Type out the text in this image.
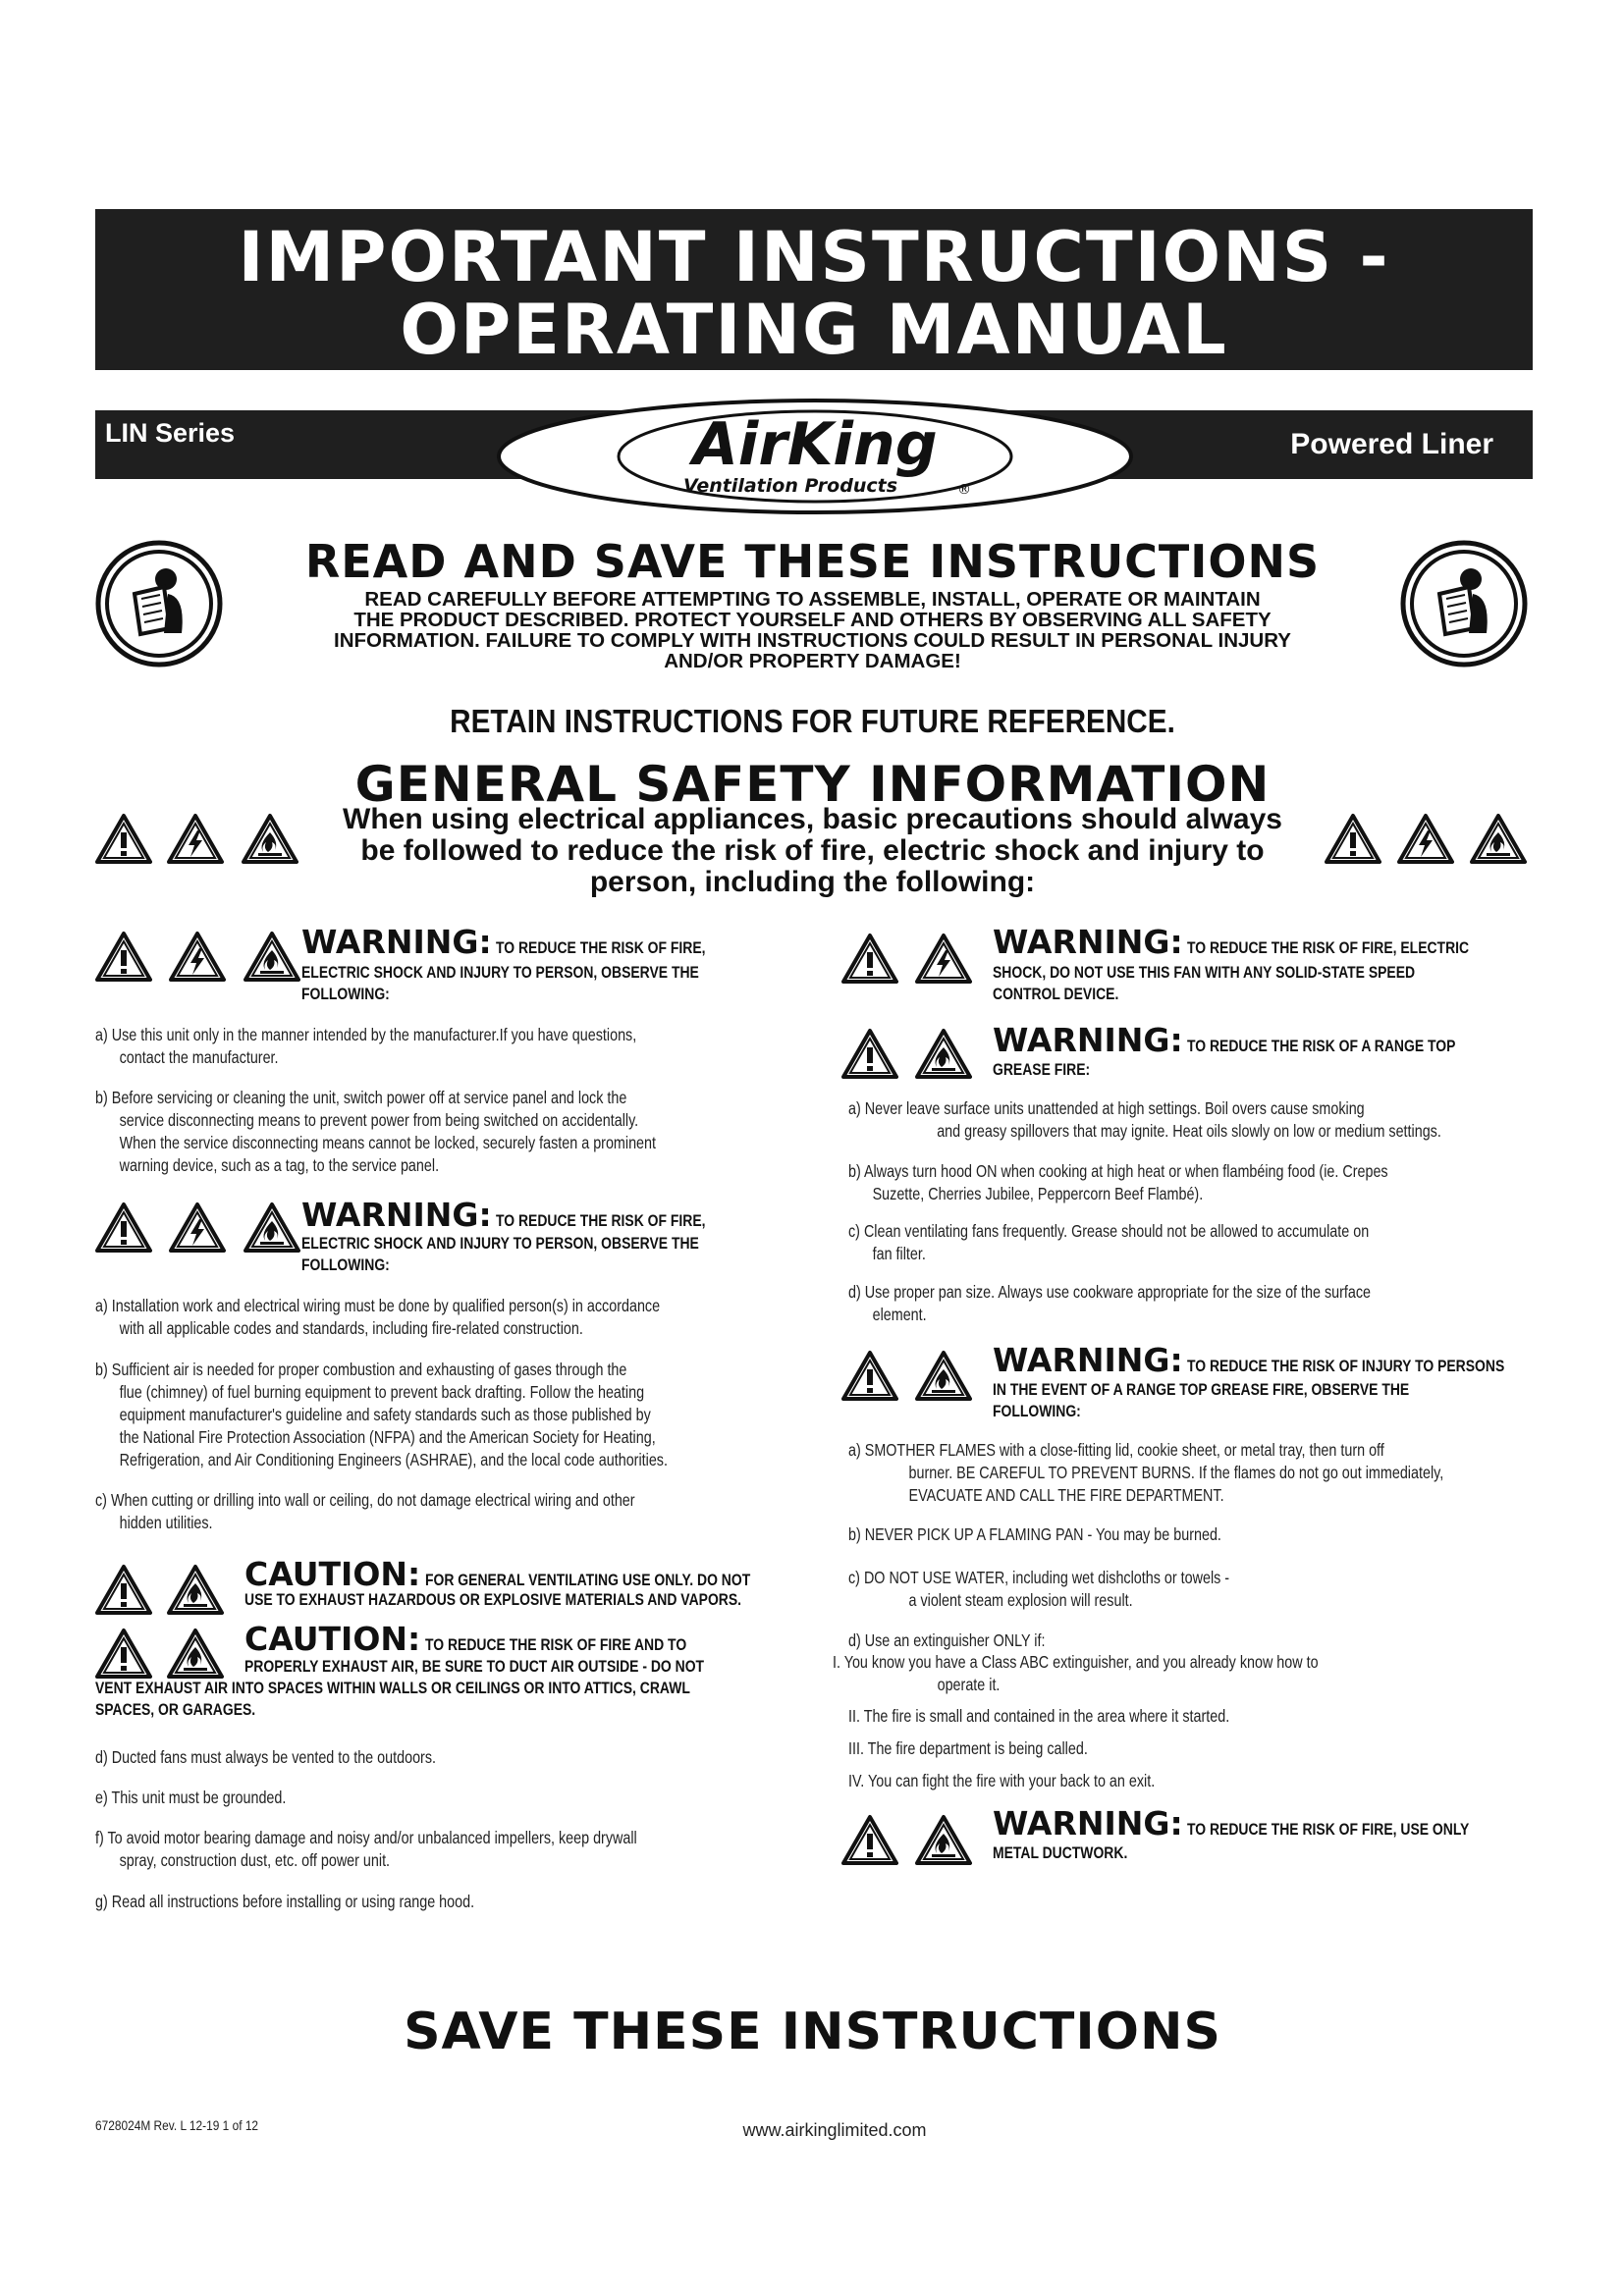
IMPORTANT INSTRUCTIONS -
OPERATING MANUAL
LIN Series	Powered Liner
AirKing
Ventilation Products	®
READ AND SAVE THESE INSTRUCTIONS
READ CAREFULLY BEFORE ATTEMPTING TO ASSEMBLE, INSTALL, OPERATE OR MAINTAIN
THE PRODUCT DESCRIBED. PROTECT YOURSELF AND OTHERS BY OBSERVING ALL SAFETY
INFORMATION. FAILURE TO COMPLY WITH INSTRUCTIONS COULD RESULT IN PERSONAL INJURY
AND/OR PROPERTY DAMAGE!
RETAIN INSTRUCTIONS FOR FUTURE REFERENCE.
GENERAL SAFETY INFORMATION
When using electrical appliances, basic precautions should always
be followed to reduce the risk of fire, electric shock and injury to
person, including the following:
WARNING: TO REDUCE THE RISK OF FIRE,
ELECTRIC SHOCK AND INJURY TO PERSON, OBSERVE THE
FOLLOWING:
a) Use this unit only in the manner intended by the manufacturer.If you have questions,
contact the manufacturer.
b) Before servicing or cleaning the unit, switch power off at service panel and lock the
service disconnecting means to prevent power from being switched on accidentally.
When the service disconnecting means cannot be locked, securely fasten a prominent
warning device, such as a tag, to the service panel.
WARNING: TO REDUCE THE RISK OF FIRE,
ELECTRIC SHOCK AND INJURY TO PERSON, OBSERVE THE
FOLLOWING:
a) Installation work and electrical wiring must be done by qualified person(s) in accordance
with all applicable codes and standards, including fire-related construction.
b) Sufficient air is needed for proper combustion and exhausting of gases through the
flue (chimney) of fuel burning equipment to prevent back drafting. Follow the heating
equipment manufacturer's guideline and safety standards such as those published by
the National Fire Protection Association (NFPA) and the American Society for Heating,
Refrigeration, and Air Conditioning Engineers (ASHRAE), and the local code authorities.
c) When cutting or drilling into wall or ceiling, do not damage electrical wiring and other
hidden utilities.
CAUTION: FOR GENERAL VENTILATING USE ONLY. DO NOT
USE TO EXHAUST HAZARDOUS OR EXPLOSIVE MATERIALS AND VAPORS.
CAUTION: TO REDUCE THE RISK OF FIRE AND TO
PROPERLY EXHAUST AIR, BE SURE TO DUCT AIR OUTSIDE - DO NOT
VENT EXHAUST AIR INTO SPACES WITHIN WALLS OR CEILINGS OR INTO ATTICS, CRAWL
SPACES, OR GARAGES.
d) Ducted fans must always be vented to the outdoors.
e) This unit must be grounded.
f) To avoid motor bearing damage and noisy and/or unbalanced impellers, keep drywall
spray, construction dust, etc. off power unit.
g) Read all instructions before installing or using range hood.
WARNING: TO REDUCE THE RISK OF FIRE, ELECTRIC
SHOCK, DO NOT USE THIS FAN WITH ANY SOLID-STATE SPEED
CONTROL DEVICE.
WARNING: TO REDUCE THE RISK OF A RANGE TOP
GREASE FIRE:
a) Never leave surface units unattended at high settings. Boil overs cause smoking
and greasy spillovers that may ignite. Heat oils slowly on low or medium settings.
b) Always turn hood ON when cooking at high heat or when flambéing food (ie. Crepes
Suzette, Cherries Jubilee, Peppercorn Beef Flambé).
c) Clean ventilating fans frequently. Grease should not be allowed to accumulate on
fan filter.
d) Use proper pan size. Always use cookware appropriate for the size of the surface
element.
WARNING: TO REDUCE THE RISK OF INJURY TO PERSONS
IN THE EVENT OF A RANGE TOP GREASE FIRE, OBSERVE THE
FOLLOWING:
a) SMOTHER FLAMES with a close-fitting lid, cookie sheet, or metal tray, then turn off
burner. BE CAREFUL TO PREVENT BURNS. If the flames do not go out immediately,
EVACUATE AND CALL THE FIRE DEPARTMENT.
b) NEVER PICK UP A FLAMING PAN - You may be burned.
c) DO NOT USE WATER, including wet dishcloths or towels -
a violent steam explosion will result.
d) Use an extinguisher ONLY if:
I. You know you have a Class ABC extinguisher, and you already know how to
operate it.
II. The fire is small and contained in the area where it started.
III. The fire department is being called.
IV. You can fight the fire with your back to an exit.
WARNING: TO REDUCE THE RISK OF FIRE, USE ONLY
METAL DUCTWORK.
SAVE THESE INSTRUCTIONS
6728024M Rev. L 12-19 1 of 12	www.airkinglimited.com
